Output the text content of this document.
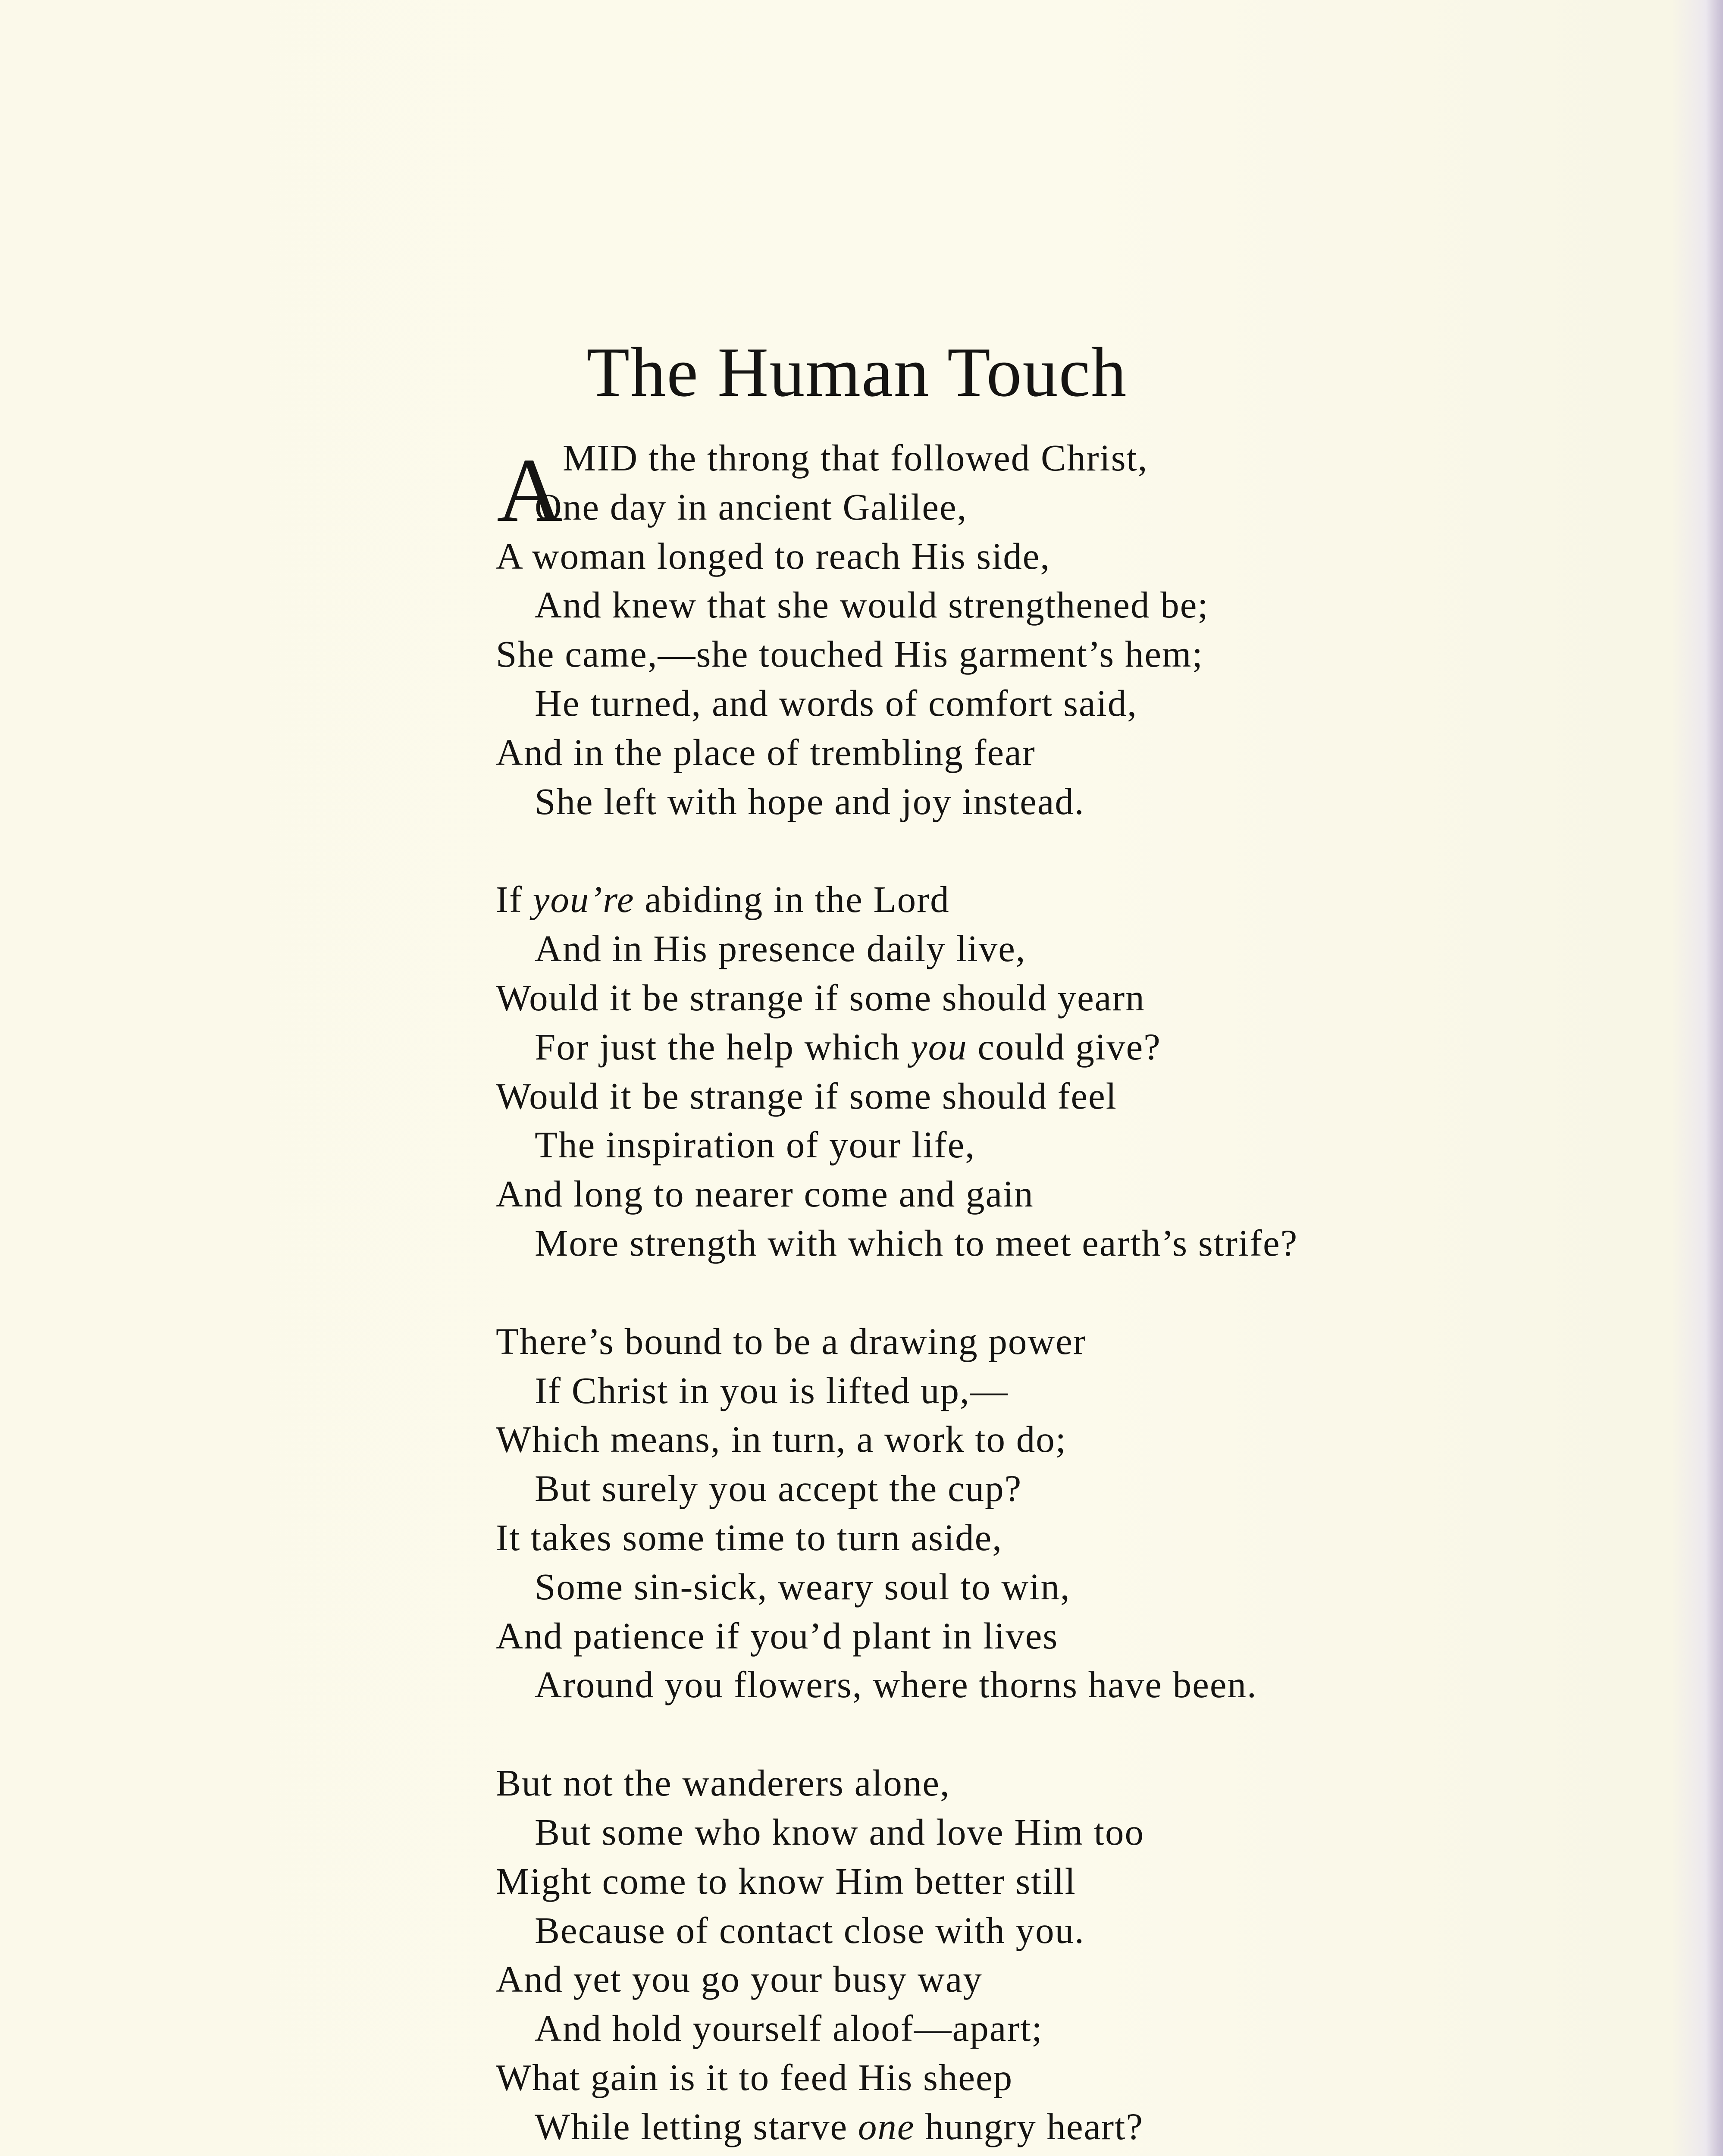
The Human Touch
A
MID the throng that followed Christ,
One day in ancient Galilee,
A woman longed to reach His side,
And knew that she would strengthened be;
She came,—she touched His garment’s hem;
He turned, and words of comfort said,
And in the place of trembling fear
She left with hope and joy instead.
If you’re abiding in the Lord
And in His presence daily live,
Would it be strange if some should yearn
For just the help which you could give?
Would it be strange if some should feel
The inspiration of your life,
And long to nearer come and gain
More strength with which to meet earth’s strife?
There’s bound to be a drawing power
If Christ in you is lifted up,—
Which means, in turn, a work to do;
But surely you accept the cup?
It takes some time to turn aside,
Some sin-sick, weary soul to win,
And patience if you’d plant in lives
Around you flowers, where thorns have been.
But not the wanderers alone,
But some who know and love Him too
Might come to know Him better still
Because of contact close with you.
And yet you go your busy way
And hold yourself aloof—apart;
What gain is it to feed His sheep
While letting starve one hungry heart?
